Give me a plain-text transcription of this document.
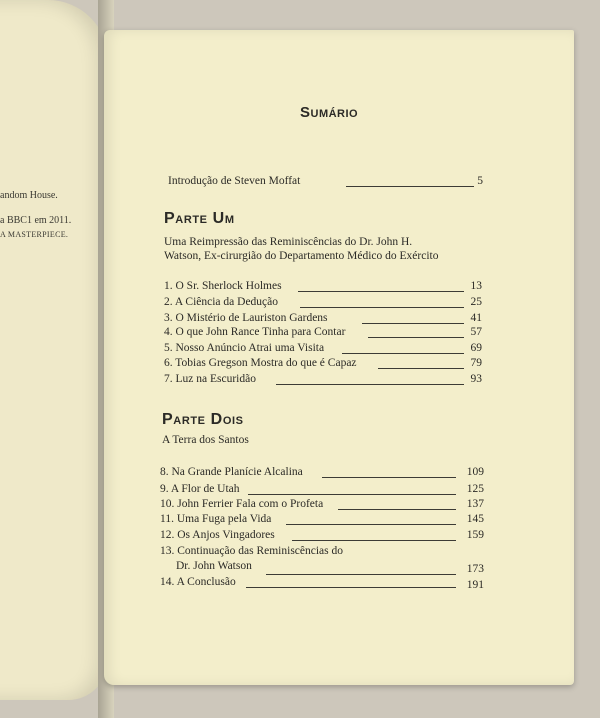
andom House.
a BBC1 em 2011.
A MASTERPIECE.
Sumário
Introdução de Steven Moffat	5
Parte Um
Uma Reimpressão das Reminiscências do Dr. John H.
Watson, Ex-cirurgião do Departamento Médico do Exército
1. O Sr. Sherlock Holmes	13
2. A Ciência da Dedução	25
3. O Mistério de Lauriston Gardens	41
4. O que John Rance Tinha para Contar	57
5. Nosso Anúncio Atrai uma Visita	69
6. Tobias Gregson Mostra do que é Capaz	79
7. Luz na Escuridão	93
Parte Dois
A Terra dos Santos
8. Na Grande Planície Alcalina	109
9. A Flor de Utah	125
10. John Ferrier Fala com o Profeta	137
11. Uma Fuga pela Vida	145
12. Os Anjos Vingadores	159
13. Continuação das Reminiscências do
Dr. John Watson	173
14. A Conclusão	191
